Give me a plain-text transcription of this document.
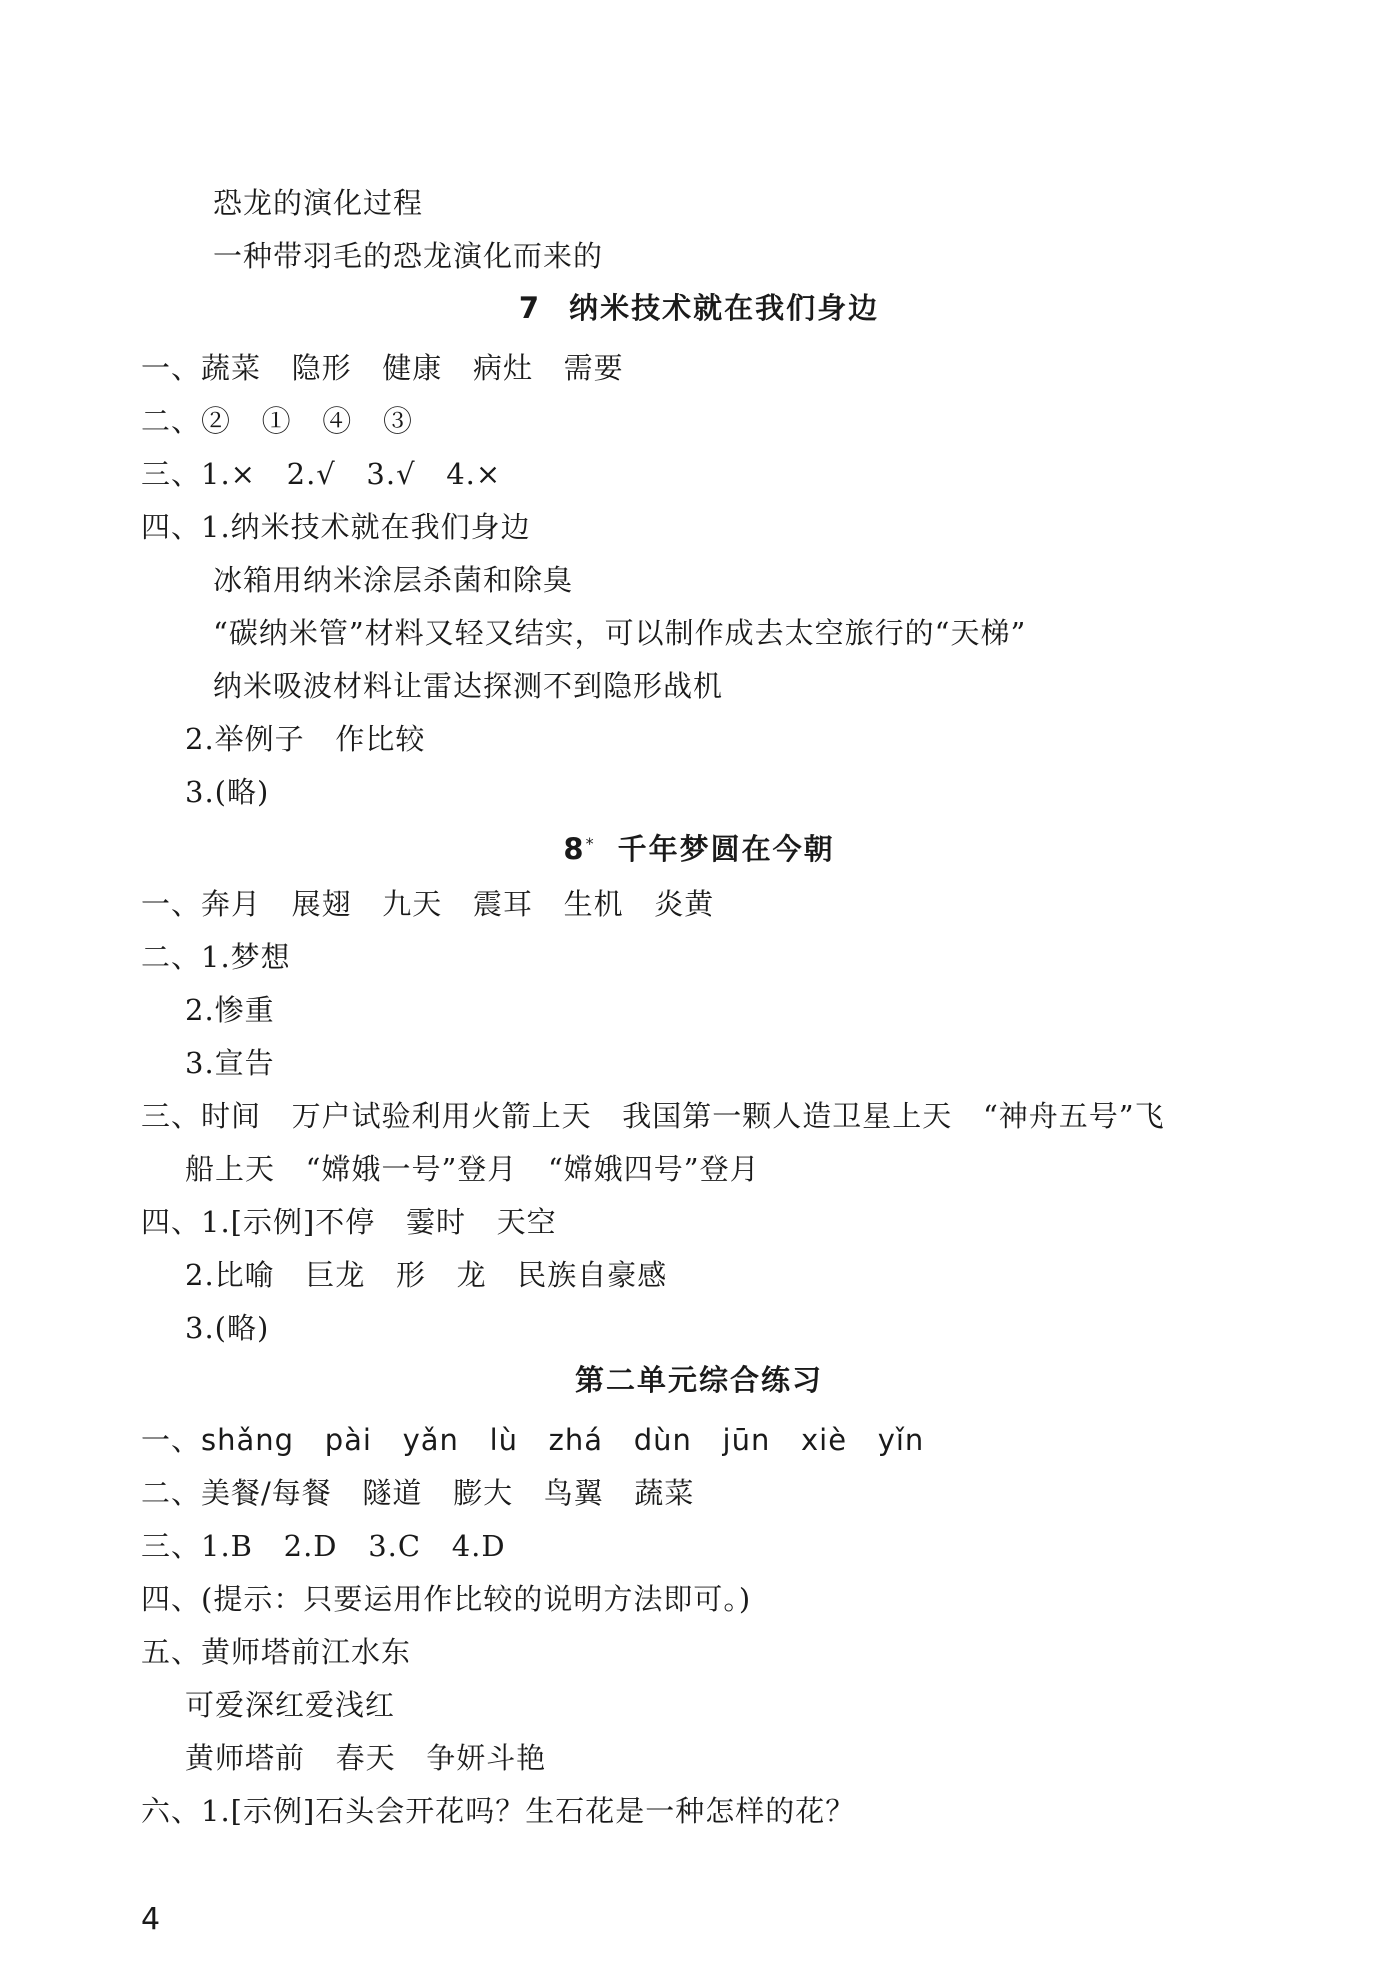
恐龙的演化过程
一种带羽毛的恐龙演化而来的
7 纳米技术就在我们身边
一、蔬菜   隐形   健康   病灶   需要
二、②   ①   ④   ③
三、1.×   2.√   3.√   4.×
四、1.纳米技术就在我们身边
冰箱用纳米涂层杀菌和除臭
“碳纳米管”材料又轻又结实，可以制作成去太空旅行的“天梯”
纳米吸波材料让雷达探测不到隐形战机
2.举例子   作比较
3.(略)
8* 千年梦圆在今朝
一、奔月   展翅   九天   震耳   生机   炎黄
二、1.梦想
2.惨重
3.宣告
三、时间   万户试验利用火箭上天   我国第一颗人造卫星上天   “神舟五号”飞
船上天   “嫦娥一号”登月   “嫦娥四号”登月
四、1.[示例]不停   霎时   天空
2.比喻   巨龙   形   龙   民族自豪感
3.(略)
第二单元综合练习
一、shǎng   pài   yǎn   lù   zhá   dùn   jūn   xiè   yǐn
二、美餐/每餐   隧道   膨大   鸟翼   蔬菜
三、1.B   2.D   3.C   4.D
四、(提示：只要运用作比较的说明方法即可。)
五、黄师塔前江水东
可爱深红爱浅红
黄师塔前   春天   争妍斗艳
六、1.[示例]石头会开花吗？生石花是一种怎样的花？
4
